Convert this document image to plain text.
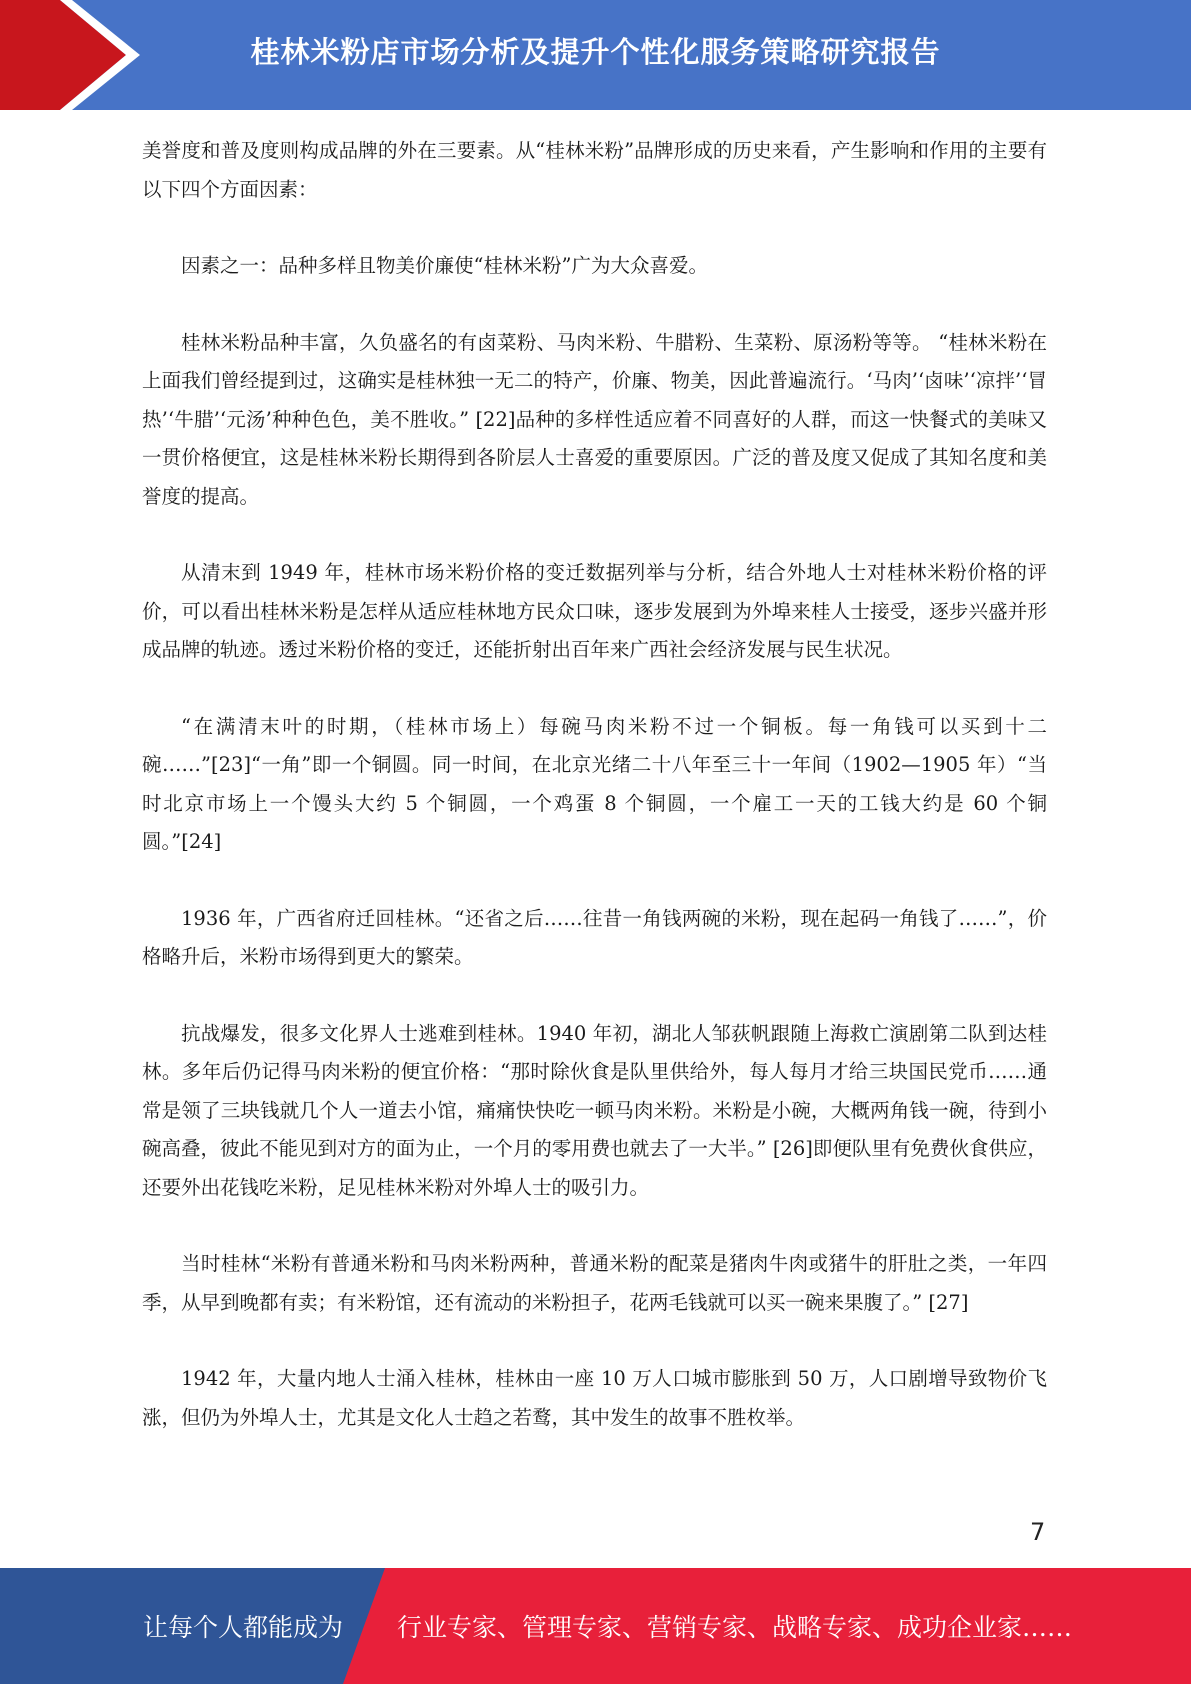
桂林米粉店市场分析及提升个性化服务策略研究报告

美誉度和普及度则构成品牌的外在三要素。从“桂林米粉”品牌形成的历史来看，产生影响和作用的主要有以下四个方面因素：

因素之一：品种多样且物美价廉使“桂林米粉”广为大众喜爱。

桂林米粉品种丰富，久负盛名的有卤菜粉、马肉米粉、牛腊粉、生菜粉、原汤粉等等。 “桂林米粉在上面我们曾经提到过，这确实是桂林独一无二的特产，价廉、物美，因此普遍流行。‘马肉’‘卤味’‘凉拌’‘冒热’‘牛腊’‘元汤’种种色色，美不胜收。” [22]品种的多样性适应着不同喜好的人群，而这一快餐式的美味又一贯价格便宜，这是桂林米粉长期得到各阶层人士喜爱的重要原因。广泛的普及度又促成了其知名度和美誉度的提高。

从清末到 1949 年，桂林市场米粉价格的变迁数据列举与分析，结合外地人士对桂林米粉价格的评价，可以看出桂林米粉是怎样从适应桂林地方民众口味，逐步发展到为外埠来桂人士接受，逐步兴盛并形成品牌的轨迹。透过米粉价格的变迁，还能折射出百年来广西社会经济发展与民生状况。

“在满清末叶的时期，（桂林市场上）每碗马肉米粉不过一个铜板。每一角钱可以买到十二碗……”[23]“一角”即一个铜圆。同一时间，在北京光绪二十八年至三十一年间（1902—1905 年）“当时北京市场上一个馒头大约 5 个铜圆，一个鸡蛋 8 个铜圆，一个雇工一天的工钱大约是 60 个铜圆。”[24]

1936 年，广西省府迁回桂林。“还省之后……往昔一角钱两碗的米粉，现在起码一角钱了……”，价格略升后，米粉市场得到更大的繁荣。

抗战爆发，很多文化界人士逃难到桂林。1940 年初，湖北人邹荻帆跟随上海救亡演剧第二队到达桂林。多年后仍记得马肉米粉的便宜价格：“那时除伙食是队里供给外，每人每月才给三块国民党币……通常是领了三块钱就几个人一道去小馆，痛痛快快吃一顿马肉米粉。米粉是小碗，大概两角钱一碗，待到小碗高叠，彼此不能见到对方的面为止，一个月的零用费也就去了一大半。” [26]即便队里有免费伙食供应，还要外出花钱吃米粉，足见桂林米粉对外埠人士的吸引力。

当时桂林“米粉有普通米粉和马肉米粉两种，普通米粉的配菜是猪肉牛肉或猪牛的肝肚之类，一年四季，从早到晚都有卖；有米粉馆，还有流动的米粉担子，花两毛钱就可以买一碗来果腹了。” [27]

1942 年，大量内地人士涌入桂林，桂林由一座 10 万人口城市膨胀到 50 万，人口剧增导致物价飞涨，但仍为外埠人士，尤其是文化人士趋之若鹜，其中发生的故事不胜枚举。

7
让每个人都能成为 行业专家、管理专家、营销专家、战略专家、成功企业家……
